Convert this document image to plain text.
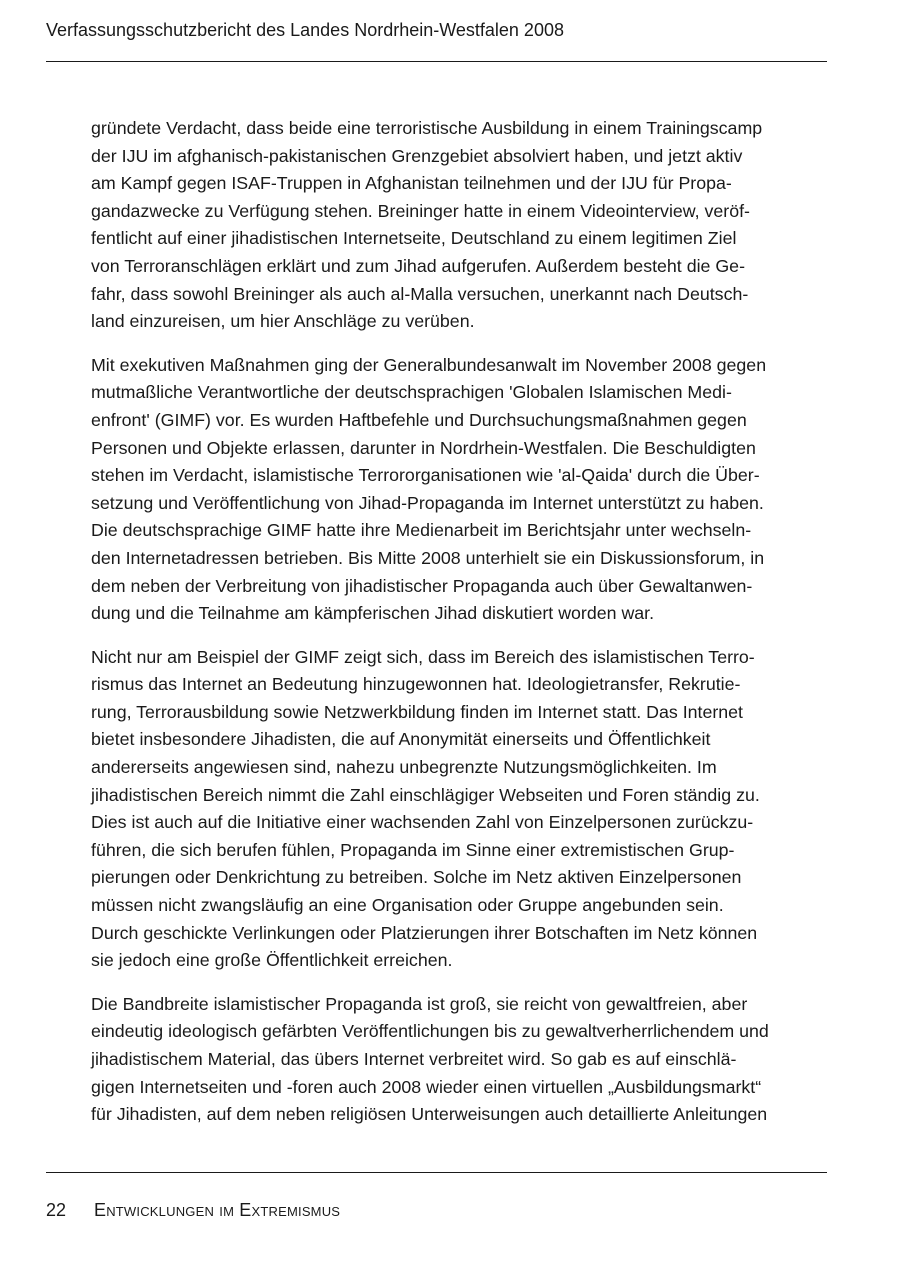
Verfassungsschutzbericht des Landes Nordrhein-Westfalen 2008

gründete Verdacht, dass beide eine terroristische Ausbildung in einem Trainingscamp
der IJU im afghanisch-pakistanischen Grenzgebiet absolviert haben, und jetzt aktiv
am Kampf gegen ISAF-Truppen in Afghanistan teilnehmen und der IJU für Propa-
gandazwecke zu Verfügung stehen. Breininger hatte in einem Videointerview, veröf-
fentlicht auf einer jihadistischen Internetseite, Deutschland zu einem legitimen Ziel
von Terroranschlägen erklärt und zum Jihad aufgerufen. Außerdem besteht die Ge-
fahr, dass sowohl Breininger als auch al-Malla versuchen, unerkannt nach Deutsch-
land einzureisen, um hier Anschläge zu verüben.

Mit exekutiven Maßnahmen ging der Generalbundesanwalt im November 2008 gegen
mutmaßliche Verantwortliche der deutschsprachigen 'Globalen Islamischen Medi-
enfront' (GIMF) vor. Es wurden Haftbefehle und Durchsuchungsmaßnahmen gegen
Personen und Objekte erlassen, darunter in Nordrhein-Westfalen. Die Beschuldigten
stehen im Verdacht, islamistische Terrororganisationen wie 'al-Qaida' durch die Über-
setzung und Veröffentlichung von Jihad-Propaganda im Internet unterstützt zu haben.
Die deutschsprachige GIMF hatte ihre Medienarbeit im Berichtsjahr unter wechseln-
den Internetadressen betrieben. Bis Mitte 2008 unterhielt sie ein Diskussionsforum, in
dem neben der Verbreitung von jihadistischer Propaganda auch über Gewaltanwen-
dung und die Teilnahme am kämpferischen Jihad diskutiert worden war.

Nicht nur am Beispiel der GIMF zeigt sich, dass im Bereich des islamistischen Terro-
rismus das Internet an Bedeutung hinzugewonnen hat. Ideologietransfer, Rekrutie-
rung, Terrorausbildung sowie Netzwerkbildung finden im Internet statt. Das Internet
bietet insbesondere Jihadisten, die auf Anonymität einerseits und Öffentlichkeit
andererseits angewiesen sind, nahezu unbegrenzte Nutzungsmöglichkeiten. Im
jihadistischen Bereich nimmt die Zahl einschlägiger Webseiten und Foren ständig zu.
Dies ist auch auf die Initiative einer wachsenden Zahl von Einzelpersonen zurückzu-
führen, die sich berufen fühlen, Propaganda im Sinne einer extremistischen Grup-
pierungen oder Denkrichtung zu betreiben. Solche im Netz aktiven Einzelpersonen
müssen nicht zwangsläufig an eine Organisation oder Gruppe angebunden sein.
Durch geschickte Verlinkungen oder Platzierungen ihrer Botschaften im Netz können
sie jedoch eine große Öffentlichkeit erreichen.

Die Bandbreite islamistischer Propaganda ist groß, sie reicht von gewaltfreien, aber
eindeutig ideologisch gefärbten Veröffentlichungen bis zu gewaltverherrlichendem und
jihadistischem Material, das übers Internet verbreitet wird. So gab es auf einschlä-
gigen Internetseiten und -foren auch 2008 wieder einen virtuellen „Ausbildungsmarkt“
für Jihadisten, auf dem neben religiösen Unterweisungen auch detaillierte Anleitungen

22 Entwicklungen im Extremismus
